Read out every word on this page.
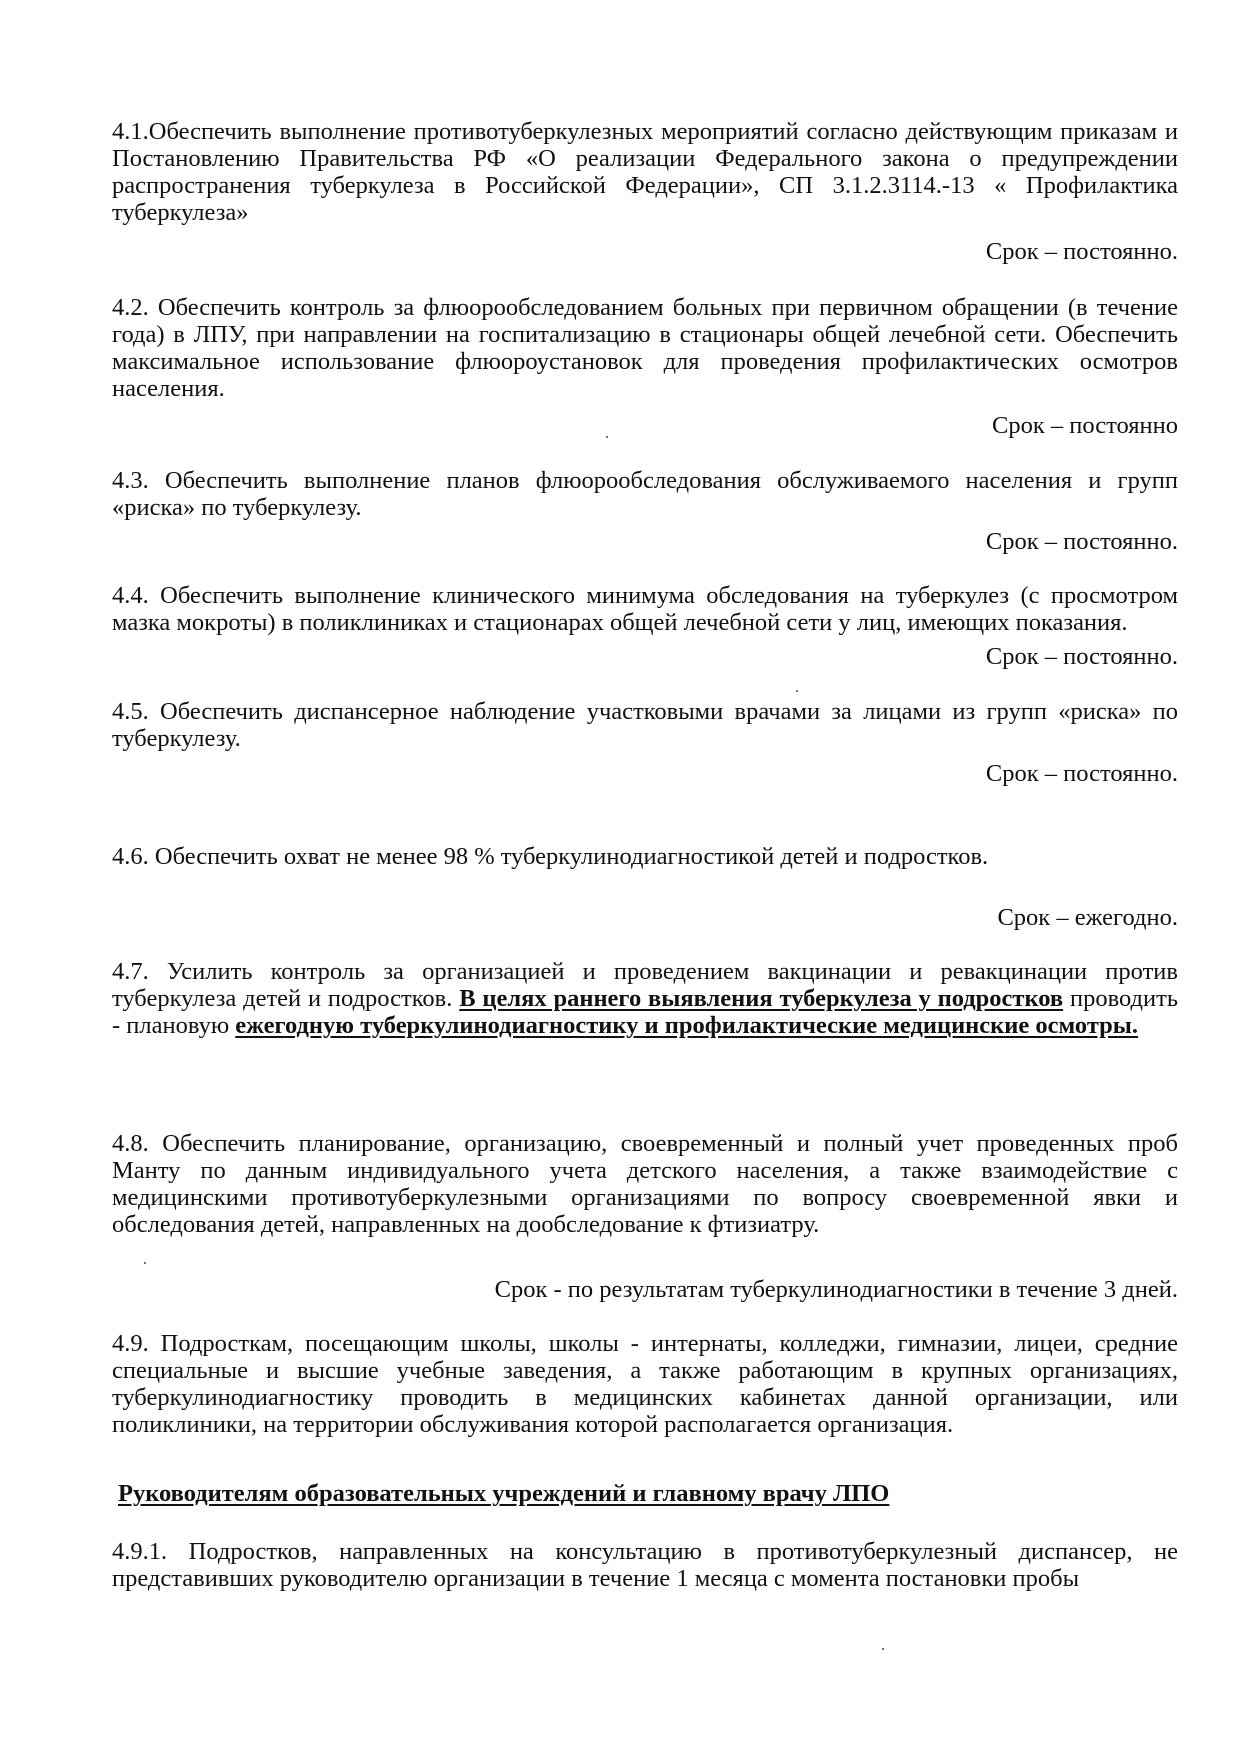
4.1.Обеспечить выполнение противотуберкулезных мероприятий согласно действующим приказам и Постановлению Правительства РФ «О реализации Федерального закона о предупреждении распространения туберкулеза в Российской Федерации», СП 3.1.2.3114.-13 « Профилактика туберкулеза»

Срок – постоянно.

4.2. Обеспечить контроль за флюорообследованием больных при первичном обращении (в течение года) в ЛПУ, при направлении на госпитализацию в стационары общей лечебной сети. Обеспечить максимальное использование флюороустановок для проведения профилактических осмотров населения.

Срок – постоянно

4.3. Обеспечить выполнение планов флюорообследования обслуживаемого населения и групп «риска» по туберкулезу.

Срок – постоянно.

4.4. Обеспечить выполнение клинического минимума обследования на туберкулез (с просмотром мазка мокроты) в поликлиниках и стационарах общей лечебной сети у лиц, имеющих показания.

Срок – постоянно.

4.5. Обеспечить диспансерное наблюдение участковыми врачами за лицами из групп «риска» по туберкулезу.

Срок – постоянно.

4.6. Обеспечить охват не менее 98 % туберкулинодиагностикой детей и подростков.

Срок – ежегодно.

4.7. Усилить контроль за организацией и проведением вакцинации и ревакцинации против туберкулеза детей и подростков. В целях раннего выявления туберкулеза у подростков проводить - плановую ежегодную туберкулинодиагностику и профилактические медицинские осмотры.

4.8. Обеспечить планирование, организацию, своевременный и полный учет проведенных проб Манту по данным индивидуального учета детского населения, а также взаимодействие с медицинскими противотуберкулезными организациями по вопросу своевременной явки и обследования детей, направленных на дообследование к фтизиатру.

Срок - по результатам туберкулинодиагностики в течение 3 дней.

4.9. Подросткам, посещающим школы, школы - интернаты, колледжи, гимназии, лицеи, средние специальные и высшие учебные заведения, а также работающим в крупных организациях, туберкулинодиагностику проводить в медицинских кабинетах данной организации, или поликлиники, на территории обслуживания которой располагается организация.

Руководителям образовательных учреждений и главному врачу ЛПО

4.9.1. Подростков, направленных на консультацию в противотуберкулезный диспансер, не представивших руководителю организации в течение 1 месяца с момента постановки пробы
